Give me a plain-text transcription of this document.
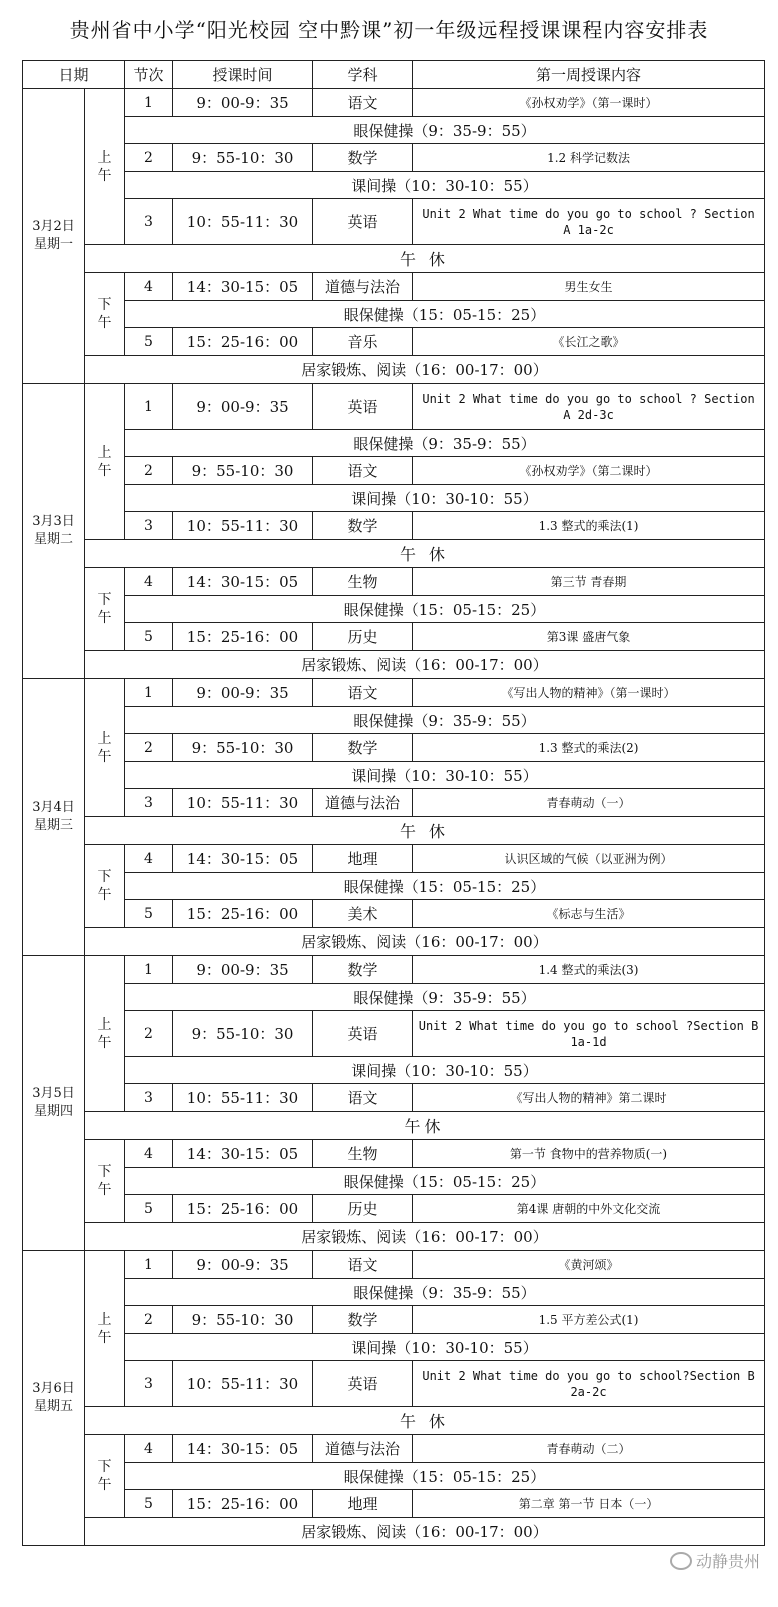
贵州省中小学“阳光校园 空中黔课”初一年级远程授课课程内容安排表
日期		节次	授课时间	学科	第一周授课内容

3月2日
星期一	上午	1	9：00-9：35	语文	《孙权劝学》（第一课时）
		眼保健操（9：35-9：55）			
		2	9：55-10：30	数学	1.2 科学记数法
		课间操（10：30-10：55）			
		3	10：55-11：30	英语	Unit 2 What time do you go to school ? Section A 1a-2c
	午 休				

	下午	4	14：30-15：05	道德与法治	男生女生
		眼保健操（15：05-15：25）			
		5	15：25-16：00	音乐	《长江之歌》
	居家锻炼、阅读（16：00-17：00）				

3月3日
星期二	上午	1	9：00-9：35	英语	Unit 2 What time do you go to school ? Section A 2d-3c
		眼保健操（9：35-9：55）			
		2	9：55-10：30	语文	《孙权劝学》（第二课时）
		课间操（10：30-10：55）			
		3	10：55-11：30	数学	1.3 整式的乘法(1)
	午 休				

	下午	4	14：30-15：05	生物	第三节 青春期
		眼保健操（15：05-15：25）			
		5	15：25-16：00	历史	第3课 盛唐气象
	居家锻炼、阅读（16：00-17：00）				

3月4日
星期三	上午	1	9：00-9：35	语文	《写出人物的精神》（第一课时）
		眼保健操（9：35-9：55）			
		2	9：55-10：30	数学	1.3 整式的乘法(2)
		课间操（10：30-10：55）			
		3	10：55-11：30	道德与法治	青春萌动（一）
	午 休				

	下午	4	14：30-15：05	地理	认识区域的气候（以亚洲为例）
		眼保健操（15：05-15：25）			
		5	15：25-16：00	美术	《标志与生活》
	居家锻炼、阅读（16：00-17：00）				

3月5日
星期四	上午	1	9：00-9：35	数学	1.4 整式的乘法(3)
		眼保健操（9：35-9：55）			
		2	9：55-10：30	英语	Unit 2 What time do you go to school ?Section B 1a-1d
		课间操（10：30-10：55）			
		3	10：55-11：30	语文	《写出人物的精神》第二课时
	午休				

	下午	4	14：30-15：05	生物	第一节 食物中的营养物质(一)
		眼保健操（15：05-15：25）			
		5	15：25-16：00	历史	第4课 唐朝的中外文化交流
	居家锻炼、阅读（16：00-17：00）				

3月6日
星期五	上午	1	9：00-9：35	语文	《黄河颂》
		眼保健操（9：35-9：55）			
		2	9：55-10：30	数学	1.5 平方差公式(1)
		课间操（10：30-10：55）			
		3	10：55-11：30	英语	Unit 2 What time do you go to school?Section B 2a-2c
	午 休				

	下午	4	14：30-15：05	道德与法治	青春萌动（二）
		眼保健操（15：05-15：25）			
		5	15：25-16：00	地理	第二章 第一节 日本（一）
	居家锻炼、阅读（16：00-17：00）				
动静贵州
